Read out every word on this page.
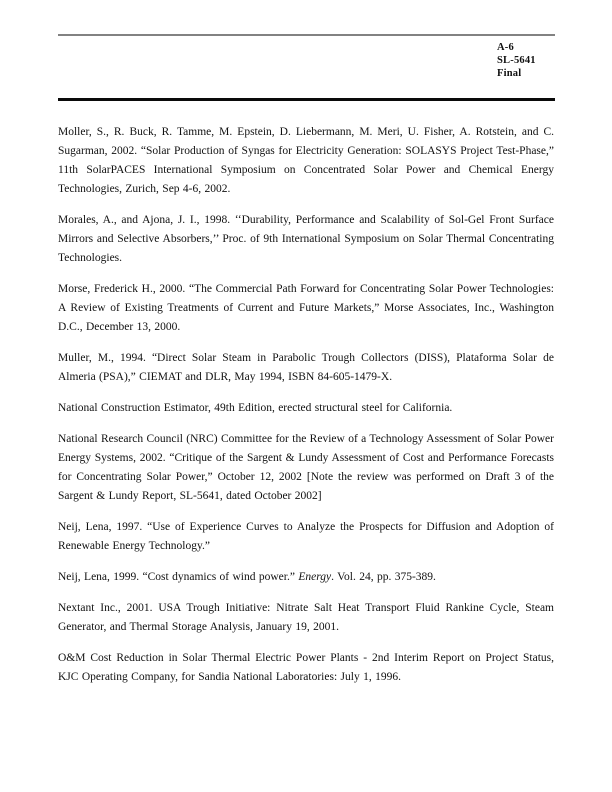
A-6
SL-5641
Final

Moller, S., R. Buck, R. Tamme, M. Epstein, D. Liebermann, M. Meri, U. Fisher, A. Rotstein, and C. Sugarman, 2002. “Solar Production of Syngas for Electricity Generation: SOLASYS Project Test-Phase,” 11th SolarPACES International Symposium on Concentrated Solar Power and Chemical Energy Technologies, Zurich, Sep 4-6, 2002.

Morales, A., and Ajona, J. I., 1998. ‘‘Durability, Performance and Scalability of Sol-Gel Front Surface Mirrors and Selective Absorbers,’’ Proc. of 9th International Symposium on Solar Thermal Concentrating Technologies.

Morse, Frederick H., 2000. “The Commercial Path Forward for Concentrating Solar Power Technologies: A Review of Existing Treatments of Current and Future Markets,” Morse Associates, Inc., Washington D.C., December 13, 2000.

Muller, M., 1994. “Direct Solar Steam in Parabolic Trough Collectors (DISS), Plataforma Solar de Almeria (PSA),” CIEMAT and DLR, May 1994, ISBN 84-605-1479-X.

National Construction Estimator, 49th Edition, erected structural steel for California.

National Research Council (NRC) Committee for the Review of a Technology Assessment of Solar Power Energy Systems, 2002. “Critique of the Sargent & Lundy Assessment of Cost and Performance Forecasts for Concentrating Solar Power,” October 12, 2002 [Note the review was performed on Draft 3 of the Sargent & Lundy Report, SL-5641, dated October 2002]

Neij, Lena, 1997. “Use of Experience Curves to Analyze the Prospects for Diffusion and Adoption of Renewable Energy Technology.”

Neij, Lena, 1999. “Cost dynamics of wind power.” Energy. Vol. 24, pp. 375-389.

Nextant Inc., 2001. USA Trough Initiative: Nitrate Salt Heat Transport Fluid Rankine Cycle, Steam Generator, and Thermal Storage Analysis, January 19, 2001.

O&M Cost Reduction in Solar Thermal Electric Power Plants - 2nd Interim Report on Project Status, KJC Operating Company, for Sandia National Laboratories: July 1, 1996.
